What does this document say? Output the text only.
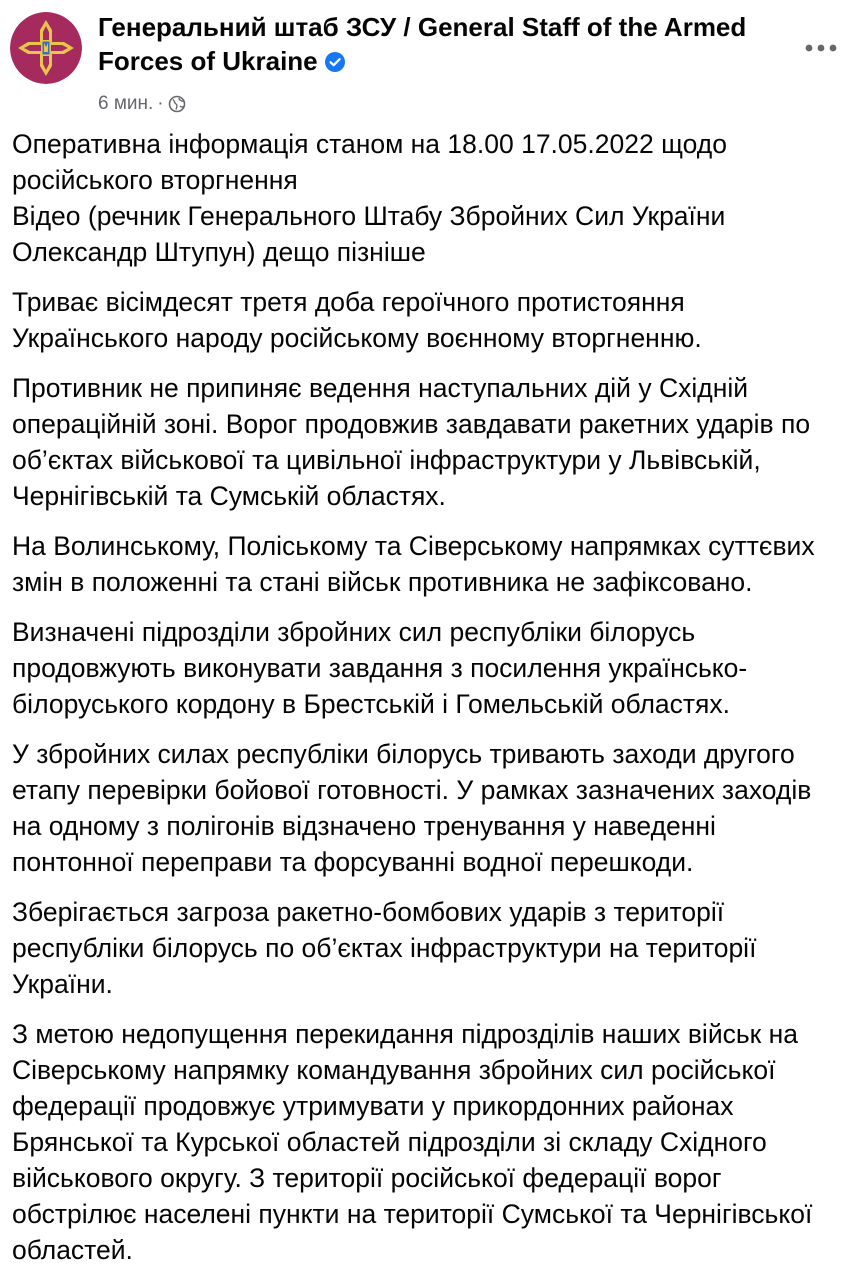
Генеральний штаб ЗСУ / General Staff of the Armed Forces of Ukraine
6 мин. ·

Оперативна інформація станом на 18.00 17.05.2022 щодо
російського вторгнення
Відео (речник Генерального Штабу Збройних Сил України
Олександр Штупун) дещо пізніше

Триває вісімдесят третя доба героїчного протистояння
Українського народу російському воєнному вторгненню.

Противник не припиняє ведення наступальних дій у Східній
операційній зоні. Ворог продовжив завдавати ракетних ударів по
об’єктах військової та цивільної інфраструктури у Львівській,
Чернігівській та Сумській областях.

На Волинському, Поліському та Сіверському напрямках суттєвих
змін в положенні та стані військ противника не зафіксовано.

Визначені підрозділи збройних сил республіки білорусь
продовжують виконувати завдання з посилення українсько-
білоруського кордону в Брестській і Гомельській областях.

У збройних силах республіки білорусь тривають заходи другого
етапу перевірки бойової готовності. У рамках зазначених заходів
на одному з полігонів відзначено тренування у наведенні
понтонної переправи та форсуванні водної перешкоди.

Зберігається загроза ракетно-бомбових ударів з території
республіки білорусь по об’єктах інфраструктури на території
України.

З метою недопущення перекидання підрозділів наших військ на
Сіверському напрямку командування збройних сил російської
федерації продовжує утримувати у прикордонних районах
Брянської та Курської областей підрозділи зі складу Східного
військового округу. З території російської федерації ворог
обстрілює населені пункти на території Сумської та Чернігівської
областей.
